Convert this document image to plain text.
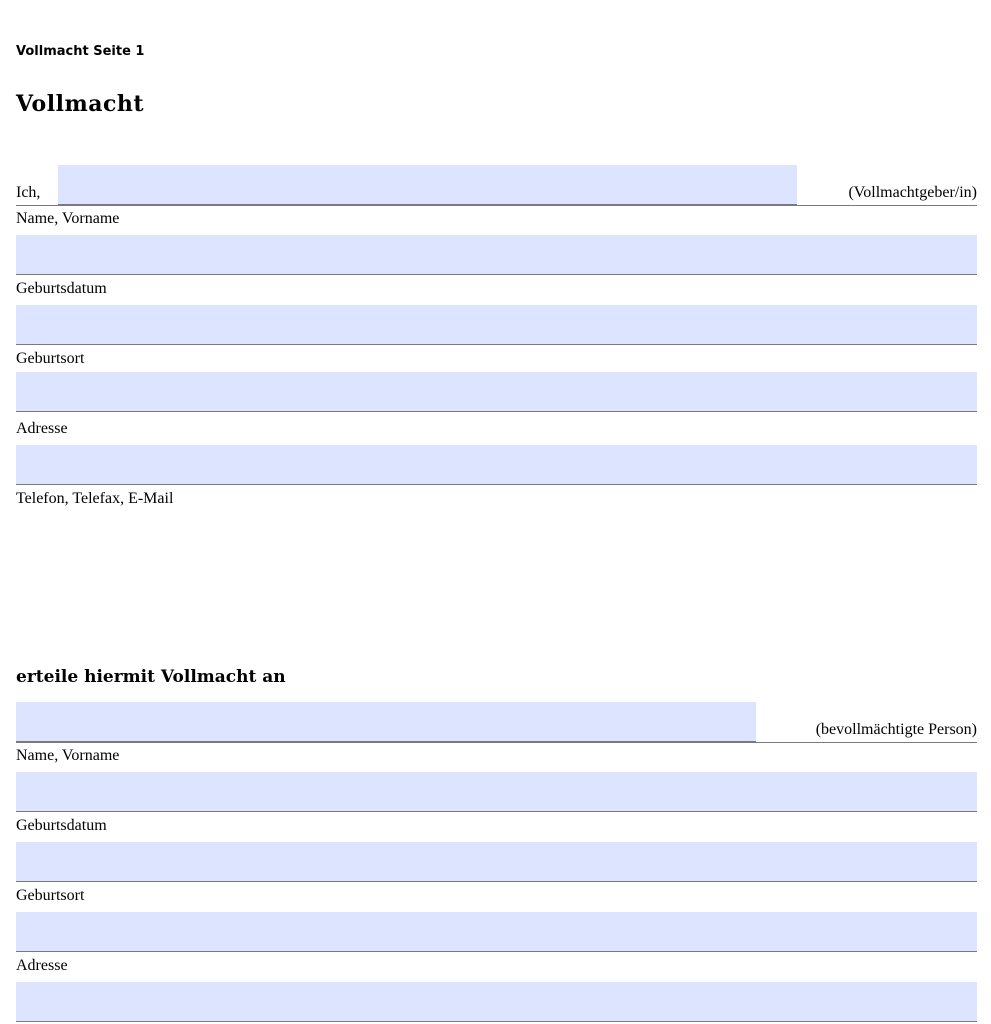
Vollmacht Seite 1
Vollmacht
Ich,	(Vollmachtgeber/in)
Name, Vorname
Geburtsdatum
Geburtsort
Adresse
Telefon, Telefax, E-Mail
erteile hiermit Vollmacht an
(bevollmächtigte Person)
Name, Vorname
Geburtsdatum
Geburtsort
Adresse
